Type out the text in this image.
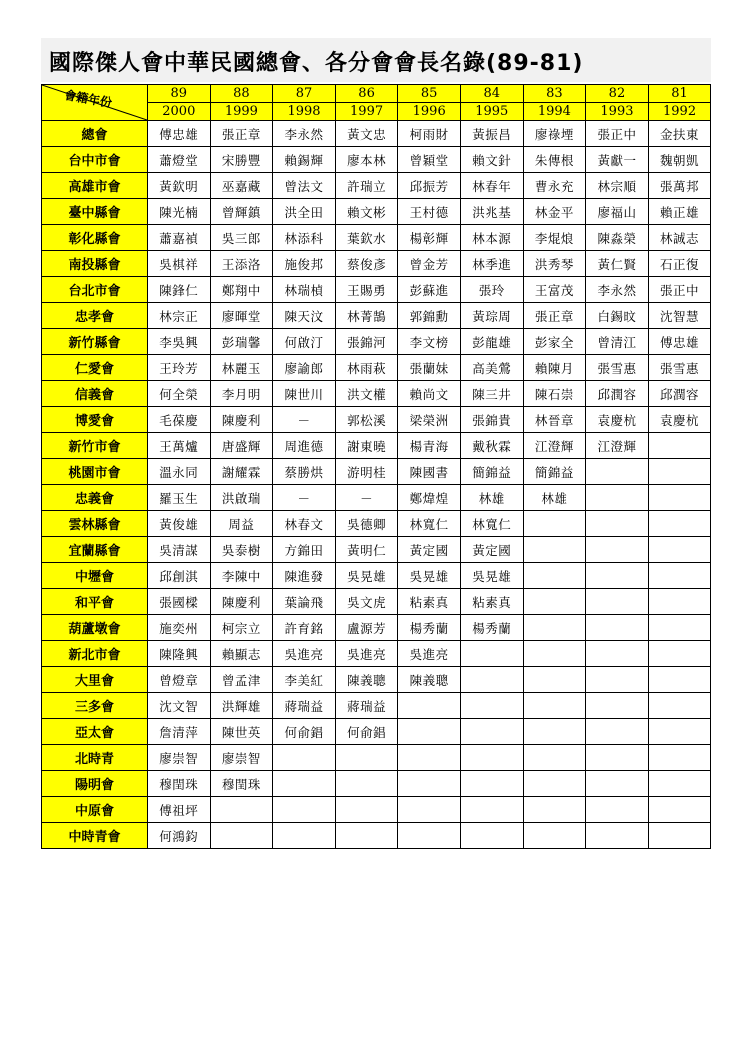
國際傑人會中華民國總會、各分會會長名錄(89-81)
會籍年份	89	88	87	86	85	84	83	82	81
	2000	1999	1998	1997	1996	1995	1994	1993	1992
總會	傅忠雄	張正章	李永然	黃文忠	柯雨財	黃振昌	廖祿堙	張正中	金扶東
台中市會	蕭燈堂	宋勝豐	賴錫輝	廖本林	曾穎堂	賴文針	朱傳根	黃獻一	魏朝凱
高雄市會	黃欽明	巫嘉藏	曾法文	許瑞立	邱振芳	林春年	曹永充	林宗順	張萬邦
臺中縣會	陳光楠	曾輝鎮	洪全田	賴文彬	王村德	洪兆基	林金平	廖福山	賴正雄
彰化縣會	蕭嘉禎	吳三郎	林添科	葉欽水	楊彰輝	林本源	李焜烺	陳淼榮	林誠志
南投縣會	吳棋祥	王添洛	施俊邦	蔡俊彥	曾金芳	林季進	洪秀琴	黃仁賢	石正復
台北市會	陳鋒仁	鄭翔中	林瑞楨	王賜勇	彭蘇進	張玲	王富茂	李永然	張正中
忠孝會	林宗正	廖暉堂	陳天汶	林菁鵠	郭錦勳	黃琮周	張正章	白錫旼	沈智慧
新竹縣會	李吳興	彭瑞馨	何啟汀	張錦河	李文榜	彭龍雄	彭家全	曾清江	傅忠雄
仁愛會	王玲芳	林麗玉	廖諭郎	林雨萩	張蘭妹	高美鶯	賴陳月	張雪惠	張雪惠
信義會	何全榮	李月明	陳世川	洪文權	賴尚文	陳三井	陳石崇	邱潤容	邱潤容
博愛會	毛葆慶	陳慶利	－	郭松溪	梁榮洲	張錦貴	林晉章	袁慶杭	袁慶杭
新竹市會	王萬爐	唐盛輝	周進德	謝東曉	楊青海	戴秋霖	江澄輝	江澄輝	
桃園市會	溫永同	謝耀霖	蔡勝烘	游明桂	陳國書	簡錦益	簡錦益		
忠義會	羅玉生	洪啟瑞	－	－	鄭煒煌	林雄	林雄		
雲林縣會	黃俊雄	周益	林春文	吳德卿	林寬仁	林寬仁			
宜蘭縣會	吳清謀	吳泰樹	方錦田	黃明仁	黃定國	黃定國			
中壢會	邱創淇	李陳中	陳進發	吳晃雄	吳晃雄	吳晃雄			
和平會	張國樑	陳慶利	葉論飛	吳文虎	粘素真	粘素真			
葫蘆墩會	施奕州	柯宗立	許育銘	盧源芳	楊秀蘭	楊秀蘭			
新北市會	陳隆興	賴顯志	吳進亮	吳進亮	吳進亮				
大里會	曾燈章	曾孟津	李美紅	陳義聰	陳義聰				
三多會	沈文智	洪輝雄	蔣瑞益	蔣瑞益					
亞太會	詹清萍	陳世英	何俞錩	何俞錩					
北時青	廖崇智	廖崇智							
陽明會	穆閏珠	穆閏珠							
中原會	傅祖坪								
中時青會	何鴻鈞								
